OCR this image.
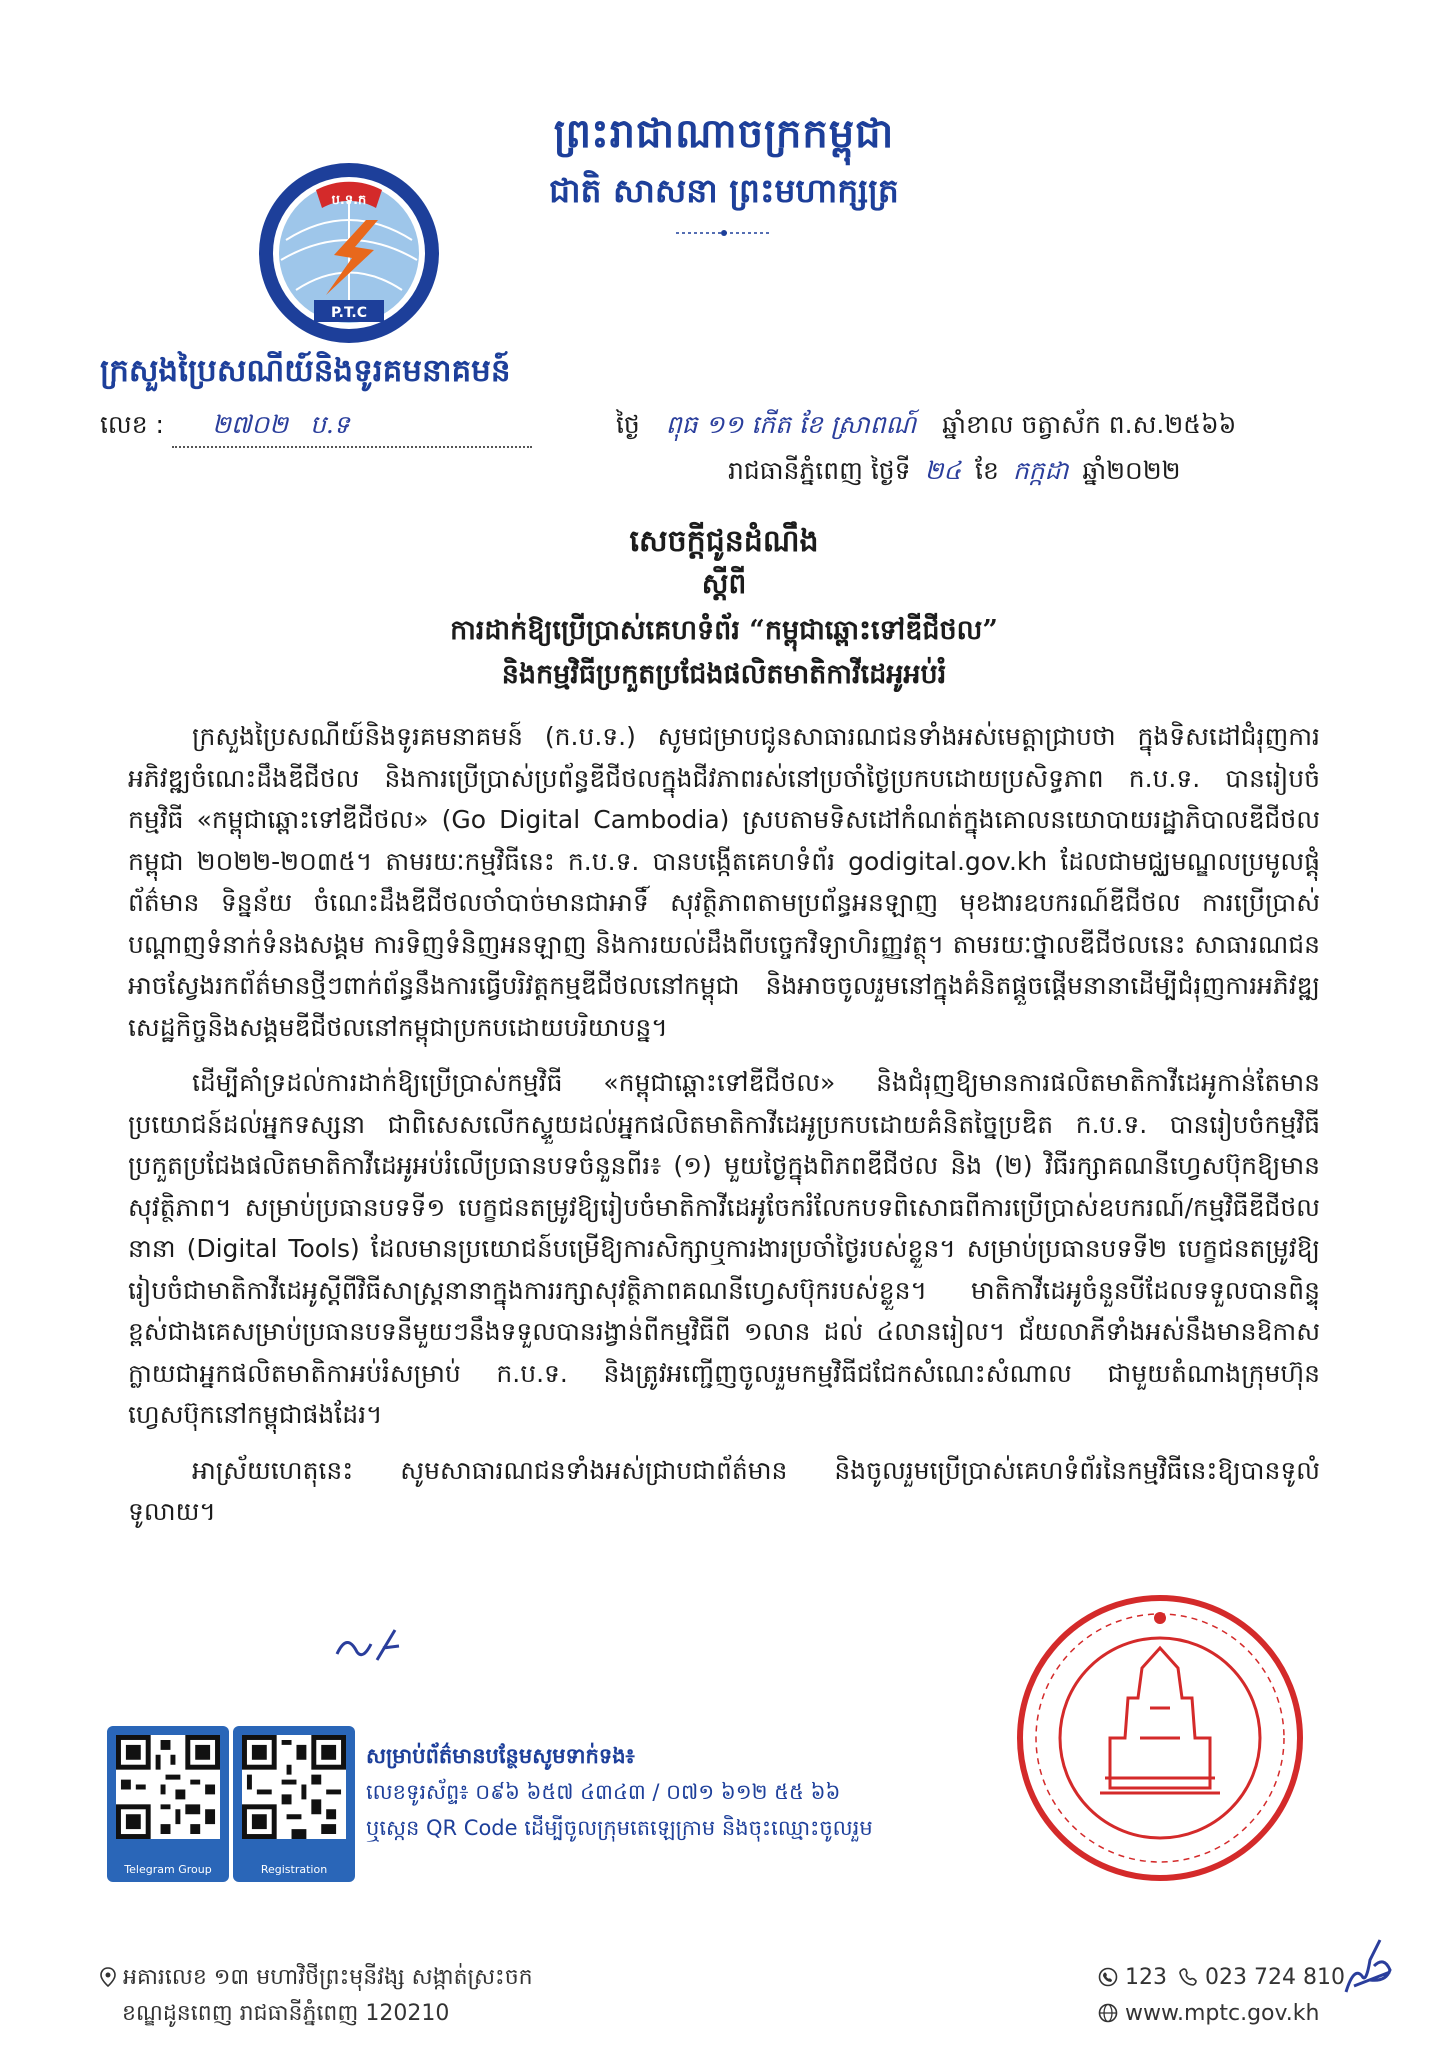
ព្រះរាជាណាចក្រកម្ពុជា
ជាតិ សាសនា ព្រះមហាក្សត្រ
ប.ទ.ក
P.T.C
ក្រសួងប្រៃសណីយ៍និងទូរគមនាគមន៍
លេខ : ២៧០២ ប.ទ	ថ្ងៃ ពុធ ១១ កើត ខែ ស្រាពណ៍ ឆ្នាំខាល ចត្វាស័ក ព.ស.២៥៦៦
រាជធានីភ្នំពេញ ថ្ងៃទី ២៤ ខែ កក្កដា ឆ្នាំ២០២២
សេចក្តីជូនដំណឹង
ស្តីពី
ការដាក់ឱ្យប្រើប្រាស់គេហទំព័រ “កម្ពុជាឆ្ពោះទៅឌីជីថល”
និងកម្មវិធីប្រកួតប្រជែងផលិតមាតិកាវីដេអូអប់រំ

ក្រសួងប្រៃសណីយ៍និងទូរគមនាគមន៍ (ក.ប.ទ.) សូមជម្រាបជូនសាធារណជនទាំងអស់មេត្តាជ្រាបថា ក្នុងទិសដៅជំរុញការអភិវឌ្ឍចំណេះដឹងឌីជីថល និងការប្រើប្រាស់ប្រព័ន្ធឌីជីថលក្នុងជីវភាពរស់នៅប្រចាំថ្ងៃប្រកបដោយប្រសិទ្ធភាព ក.ប.ទ. បានរៀបចំកម្មវិធី «កម្ពុជាឆ្ពោះទៅឌីជីថល» (Go Digital Cambodia) ស្របតាមទិសដៅកំណត់ក្នុងគោលនយោបាយរដ្ឋាភិបាលឌីជីថលកម្ពុជា ២០២២-២០៣៥។ តាមរយៈកម្មវិធីនេះ ក.ប.ទ. បានបង្កើតគេហទំព័រ godigital.gov.kh ដែលជាមជ្ឈមណ្ឌលប្រមូលផ្តុំព័ត៌មាន ទិន្នន័យ ចំណេះដឹងឌីជីថលចាំបាច់មានជាអាទិ៍ សុវត្ថិភាពតាមប្រព័ន្ធអនឡាញ មុខងារឧបករណ៍ឌីជីថល ការប្រើប្រាស់បណ្តាញទំនាក់ទំនងសង្គម ការទិញទំនិញអនឡាញ និងការយល់ដឹងពីបច្ចេកវិទ្យាហិរញ្ញវត្ថុ។ តាមរយៈថ្នាលឌីជីថលនេះ សាធារណជនអាចស្វែងរកព័ត៌មានថ្មីៗពាក់ព័ន្ធនឹងការធ្វើបរិវត្តកម្មឌីជីថលនៅកម្ពុជា និងអាចចូលរួមនៅក្នុងគំនិតផ្តួចផ្តើមនានាដើម្បីជំរុញការអភិវឌ្ឍសេដ្ឋកិច្ចនិងសង្គមឌីជីថលនៅកម្ពុជាប្រកបដោយបរិយាបន្ន។

ដើម្បីគាំទ្រដល់ការដាក់ឱ្យប្រើប្រាស់កម្មវិធី «កម្ពុជាឆ្ពោះទៅឌីជីថល» និងជំរុញឱ្យមានការផលិតមាតិកាវីដេអូកាន់តែមានប្រយោជន៍ដល់អ្នកទស្សនា ជាពិសេសលើកស្ទួយដល់អ្នកផលិតមាតិកាវីដេអូប្រកបដោយគំនិតច្នៃប្រឌិត ក.ប.ទ. បានរៀបចំកម្មវិធីប្រកួតប្រជែងផលិតមាតិកាវីដេអូអប់រំលើប្រធានបទចំនួនពីរ៖ (១) មួយថ្ងៃក្នុងពិភពឌីជីថល និង (២) វិធីរក្សាគណនីហ្វេសប៊ុកឱ្យមានសុវត្ថិភាព។ សម្រាប់ប្រធានបទទី១ បេក្ខជនតម្រូវឱ្យរៀបចំមាតិកាវីដេអូចែករំលែកបទពិសោធពីការប្រើប្រាស់ឧបករណ៍/កម្មវិធីឌីជីថលនានា (Digital Tools) ដែលមានប្រយោជន៍បម្រើឱ្យការសិក្សាឬការងារប្រចាំថ្ងៃរបស់ខ្លួន។ សម្រាប់ប្រធានបទទី២ បេក្ខជនតម្រូវឱ្យរៀបចំជាមាតិកាវីដេអូស្តីពីវិធីសាស្ត្រនានាក្នុងការរក្សាសុវត្ថិភាពគណនីហ្វេសប៊ុករបស់ខ្លួន។ មាតិកាវីដេអូចំនួនបីដែលទទួលបានពិន្ទុខ្ពស់ជាងគេសម្រាប់ប្រធានបទនីមួយៗនឹងទទួលបានរង្វាន់ពីកម្មវិធីពី ១លាន ដល់ ៤លានរៀល។ ជ័យលាភីទាំងអស់នឹងមានឱកាសក្លាយជាអ្នកផលិតមាតិកាអប់រំសម្រាប់ ក.ប.ទ. និងត្រូវអញ្ជើញចូលរួមកម្មវិធីជជែកសំណេះសំណាល ជាមួយតំណាងក្រុមហ៊ុនហ្វេសប៊ុកនៅកម្ពុជាផងដែរ។

អាស្រ័យហេតុនេះ សូមសាធារណជនទាំងអស់ជ្រាបជាព័ត៌មាន និងចូលរួមប្រើប្រាស់គេហទំព័រនៃកម្មវិធីនេះឱ្យបានទូលំទូលាយ។

Telegram Group	Registration
សម្រាប់ព័ត៌មានបន្ថែមសូមទាក់ទង៖
លេខទូរស័ព្ទ៖ ០៩៦ ៦៥៧ ៤៣៤៣ / ០៧១ ៦១២ ៥៥ ៦៦
ឬស្កេន QR Code ដើម្បីចូលក្រុមតេឡេក្រាម និងចុះឈ្មោះចូលរួម
អគារលេខ ១៣ មហាវិថីព្រះមុនីវង្ស សង្កាត់ស្រះចក
ខណ្ឌដូនពេញ រាជធានីភ្នំពេញ 120210
123 023 724 810
www.mptc.gov.kh
